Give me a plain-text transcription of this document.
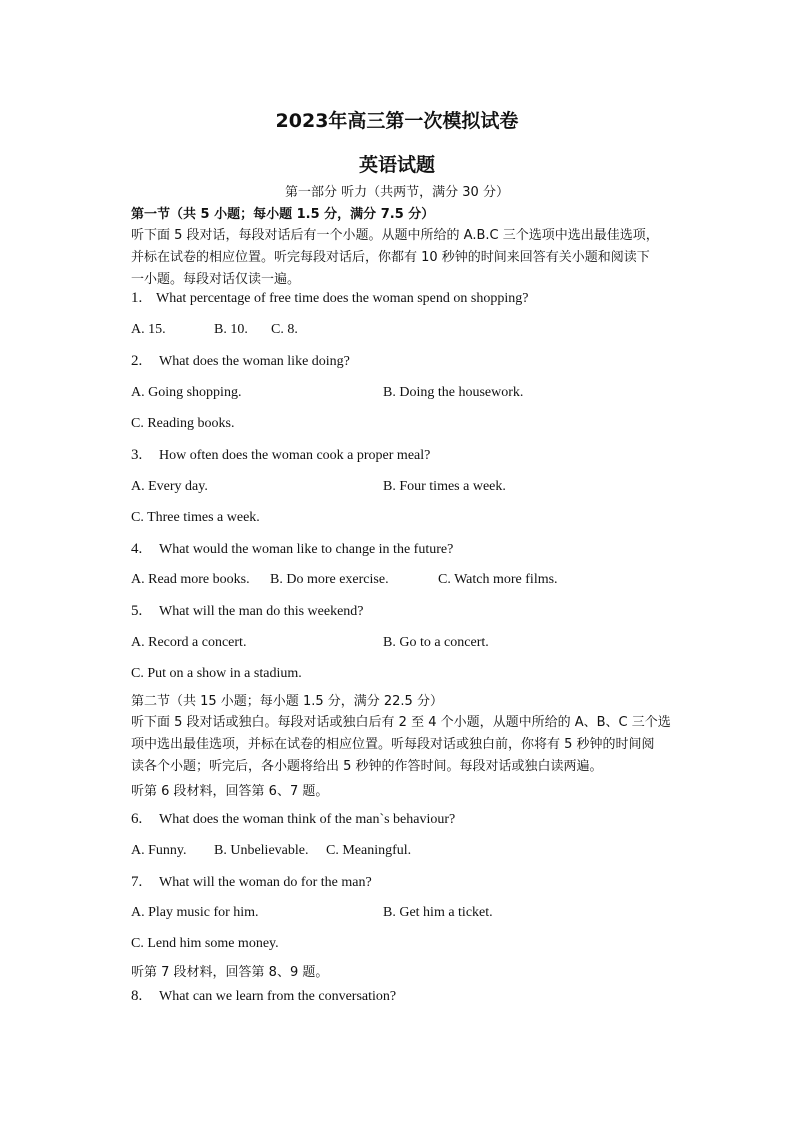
2023年高三第一次模拟试卷
英语试题
第一部分 听力（共两节，满分 30 分）
第一节（共 5 小题；每小题 1.5 分，满分 7.5 分）
听下面 5 段对话，每段对话后有一个小题。从题中所给的 A.B.C 三个选项中选出最佳选项，
并标在试卷的相应位置。听完每段对话后，你都有 10 秒钟的时间来回答有关小题和阅读下
一小题。每段对话仅读一遍。
1. What percentage of free time does the woman spend on shopping?
A. 15.	B. 10. C. 8.
2. What does the woman like doing?
A. Going shopping.	B. Doing the housework.
C. Reading books.
3. How often does the woman cook a proper meal?
A. Every day.	B. Four times a week.
C. Three times a week.
4. What would the woman like to change in the future?
A. Read more books. B. Do more exercise.	C. Watch more films.
5. What will the man do this weekend?
A. Record a concert.	B. Go to a concert.
C. Put on a show in a stadium.
第二节（共 15 小题；每小题 1.5 分，满分 22.5 分）
听下面 5 段对话或独白。每段对话或独白后有 2 至 4 个小题，从题中所给的 A、B、C 三个选
项中选出最佳选项，并标在试卷的相应位置。听每段对话或独白前，你将有 5 秒钟的时间阅
读各个小题；听完后，各小题将给出 5 秒钟的作答时间。每段对话或独白读两遍。
听第 6 段材料，回答第 6、7 题。
6. What does the woman think of the man`s behaviour?
A. Funny. B. Unbelievable. C. Meaningful.
7. What will the woman do for the man?
A. Play music for him.	B. Get him a ticket.
C. Lend him some money.
听第 7 段材料，回答第 8、9 题。
8. What can we learn from the conversation?
